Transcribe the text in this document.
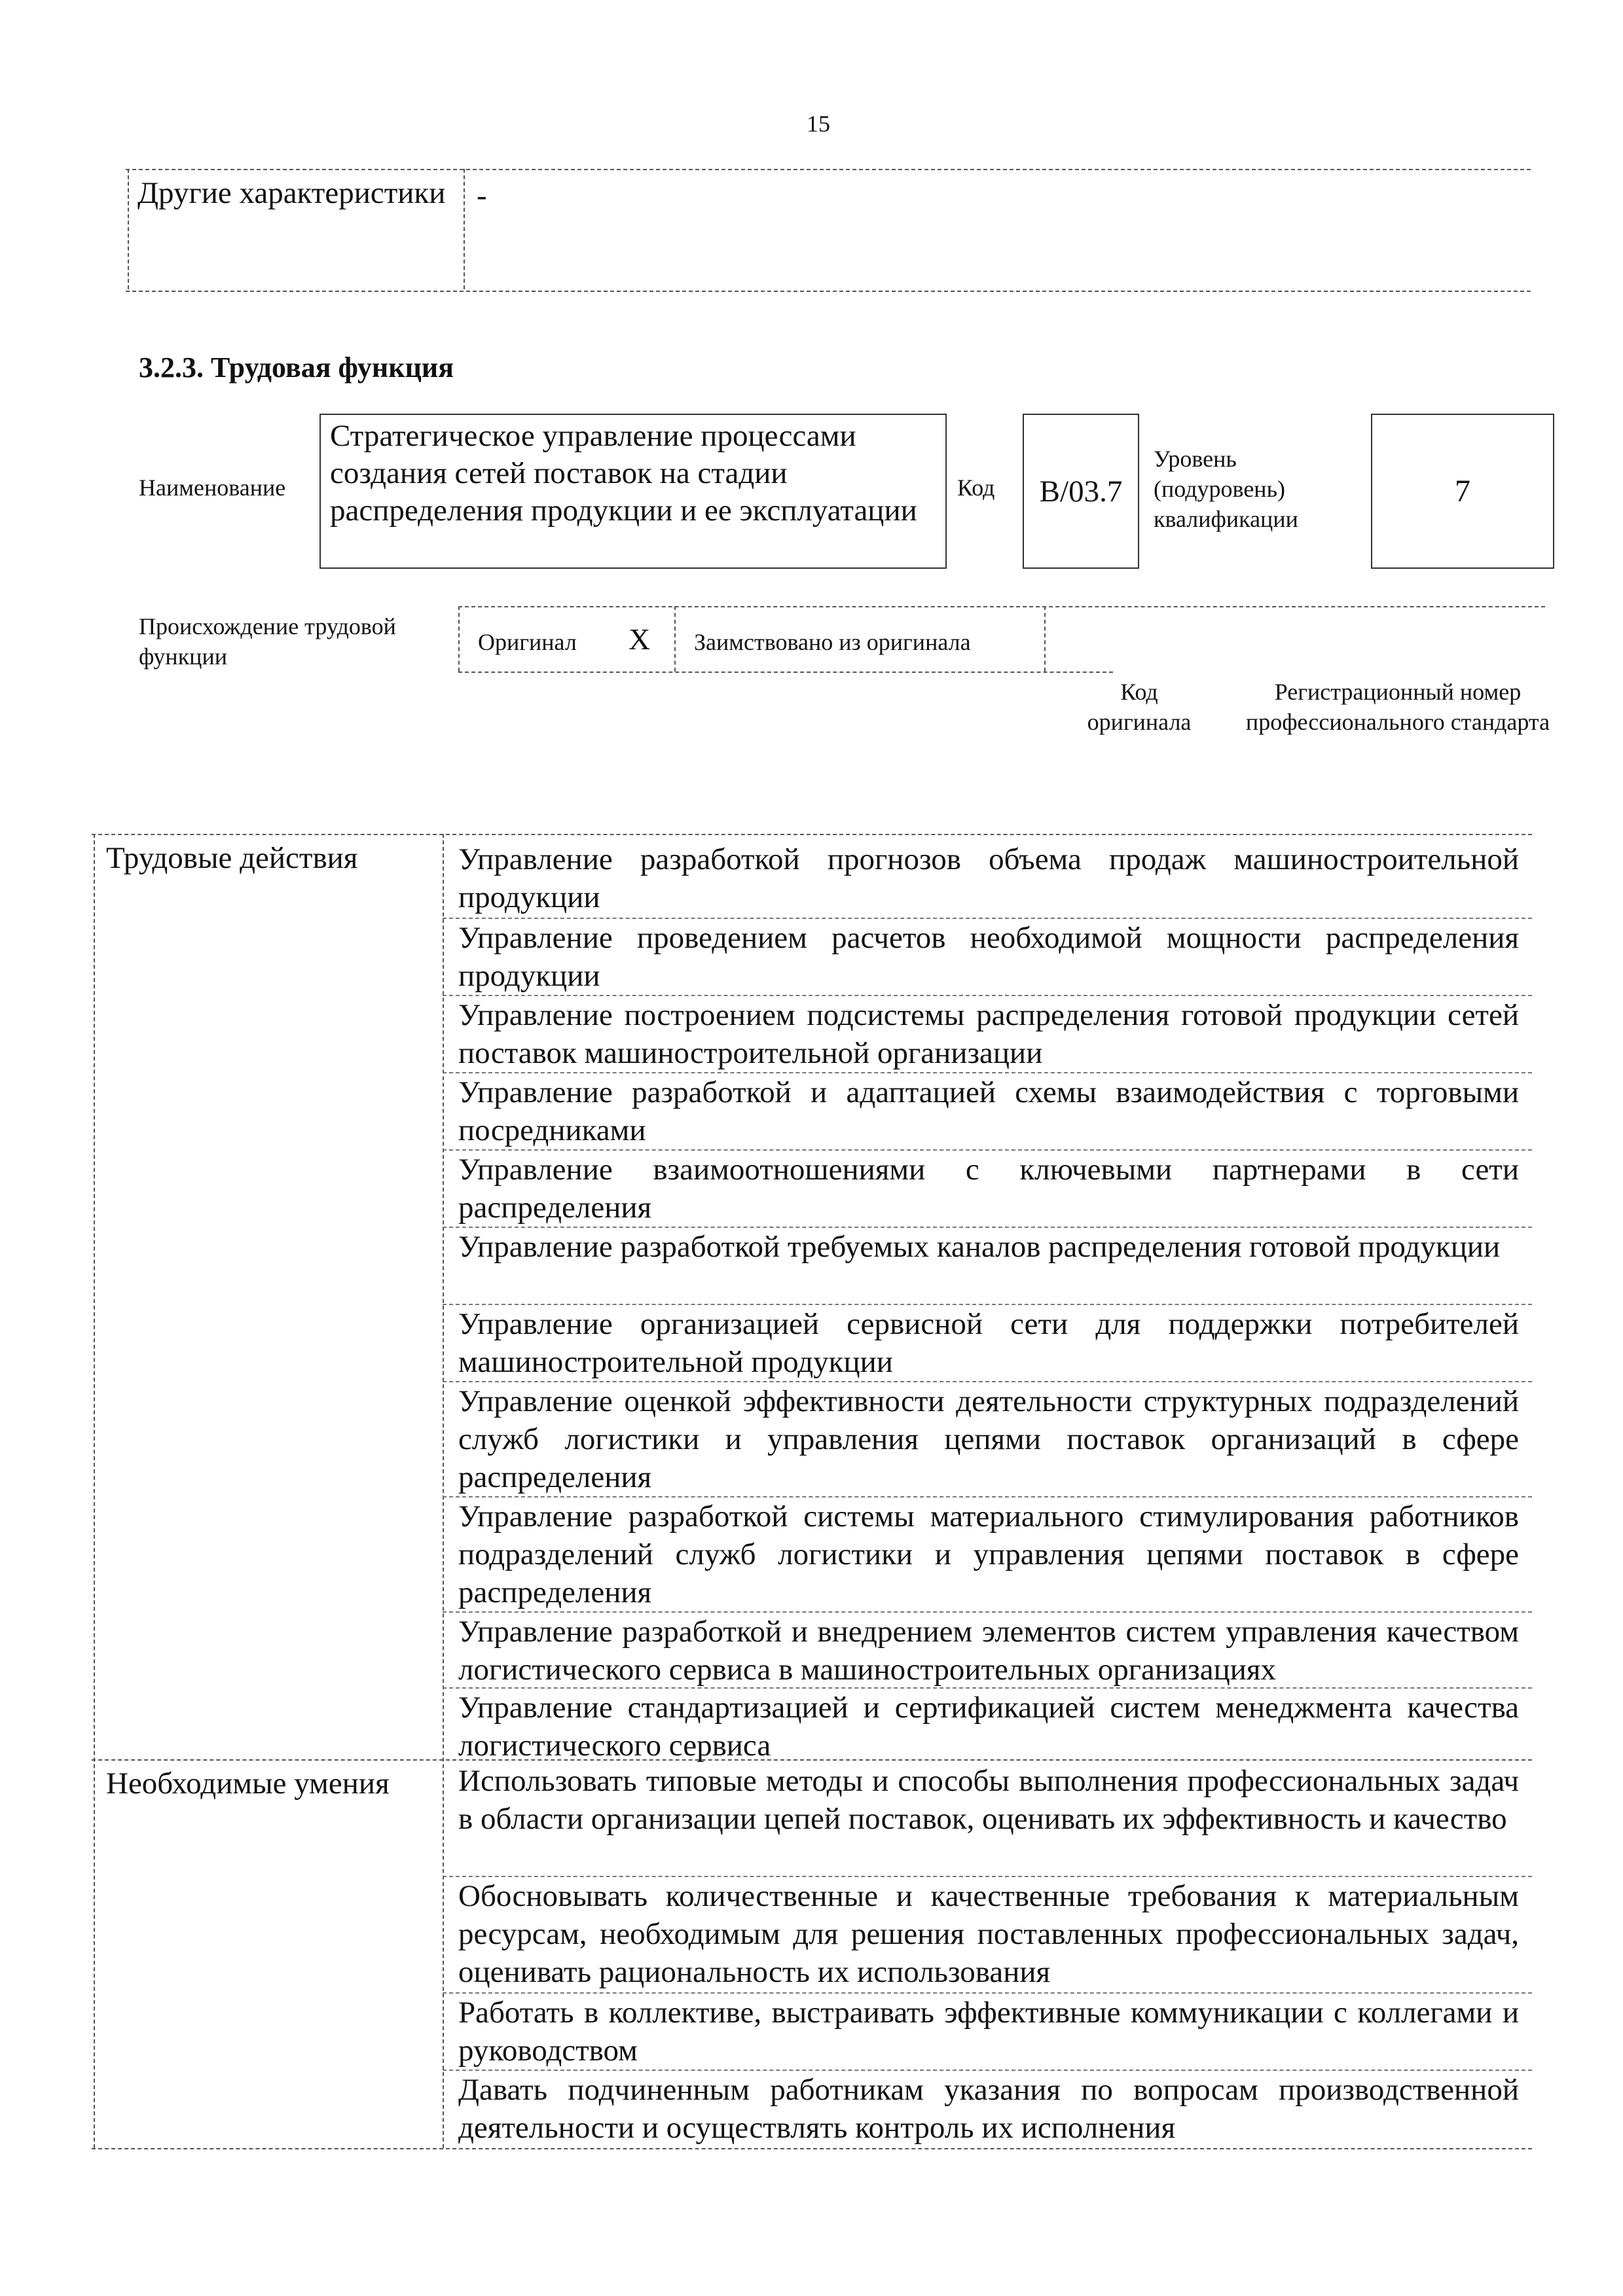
15
Другие характеристики -
3.2.3. Трудовая функция
Наименование
Стратегическое управление процессами создания сетей поставок на стадии распределения продукции и ее эксплуатации
Код	B/03.7
Уровень (подуровень) квалификации
7
Происхождение трудовой функции
Оригинал X Заимствовано из оригинала
Код оригинала
Регистрационный номер профессионального стандарта
Трудовые действия
Необходимые умения
Управление разработкой прогнозов объема продаж машиностроительной продукции
Управление проведением расчетов необходимой мощности распределения продукции
Управление построением подсистемы распределения готовой продукции сетей поставок машиностроительной организации
Управление разработкой и адаптацией схемы взаимодействия с торговыми посредниками
Управление взаимоотношениями с ключевыми партнерами в сети распределения
Управление разработкой требуемых каналов распределения готовой продукции
Управление организацией сервисной сети для поддержки потребителей машиностроительной продукции
Управление оценкой эффективности деятельности структурных подразделений служб логистики и управления цепями поставок организаций в сфере распределения
Управление разработкой системы материального стимулирования работников подразделений служб логистики и управления цепями поставок в сфере распределения
Управление разработкой и внедрением элементов систем управления качеством логистического сервиса в машиностроительных организациях
Управление стандартизацией и сертификацией систем менеджмента качества логистического сервиса
Использовать типовые методы и способы выполнения профессиональных задач в области организации цепей поставок, оценивать их эффективность и качество
Обосновывать количественные и качественные требования к материальным ресурсам, необходимым для решения поставленных профессиональных задач, оценивать рациональность их использования
Работать в коллективе, выстраивать эффективные коммуникации с коллегами и руководством
Давать подчиненным работникам указания по вопросам производственной деятельности и осуществлять контроль их исполнения
